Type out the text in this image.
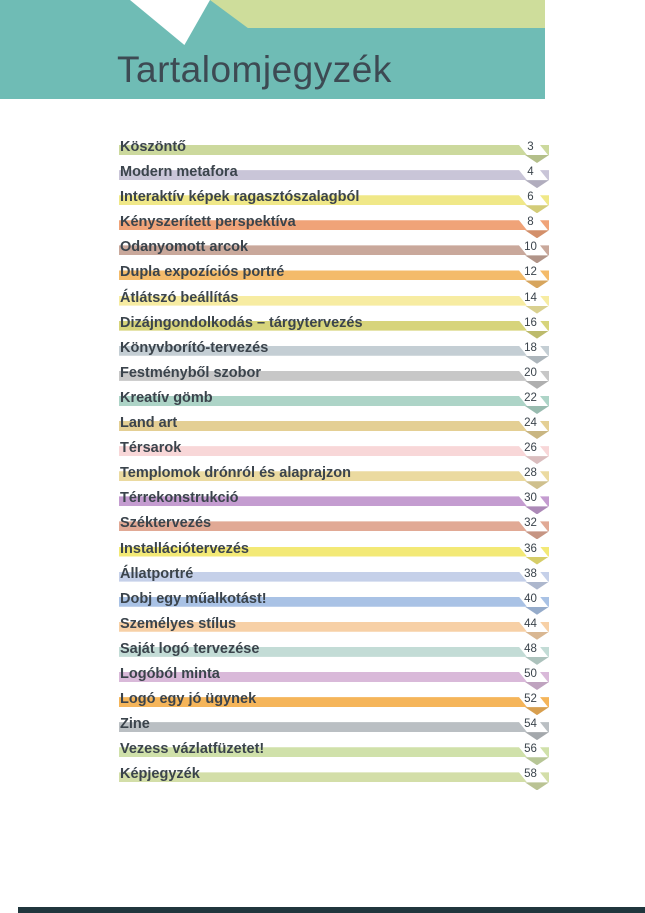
Tartalomjegyzék
Köszöntő	3
Modern metafora	4
Interaktív képek ragasztószalagból	6
Kényszerített perspektíva	8
Odanyomott arcok	10
Dupla expozíciós portré	12
Átlátszó beállítás	14
Dizájngondolkodás – tárgytervezés	16
Könyvborító-tervezés	18
Festményből szobor	20
Kreatív gömb	22
Land art	24
Térsarok	26
Templomok drónról és alaprajzon	28
Térrekonstrukció	30
Széktervezés	32
Installációtervezés	36
Állatportré	38
Dobj egy műalkotást!	40
Személyes stílus	44
Saját logó tervezése	48
Logóból minta	50
Logó egy jó ügynek	52
Zine	54
Vezess vázlatfüzetet!	56
Képjegyzék	58
